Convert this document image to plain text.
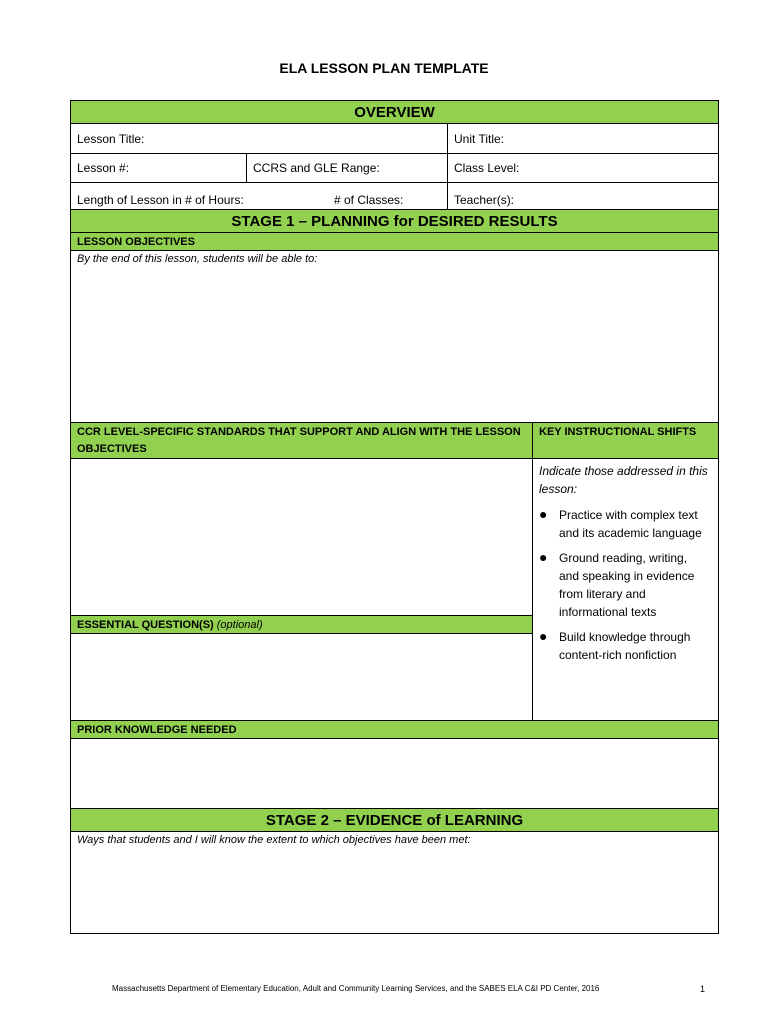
ELA LESSON PLAN TEMPLATE
OVERVIEW
Lesson Title:	Unit Title:
Lesson #:	CCRS and GLE Range:	Class Level:
Length of Lesson in # of Hours:	# of Classes:	Teacher(s):
STAGE 1 – PLANNING for DESIRED RESULTS
LESSON OBJECTIVES
By the end of this lesson, students will be able to:
CCR LEVEL-SPECIFIC STANDARDS THAT SUPPORT AND ALIGN WITH THE LESSON OBJECTIVES
KEY INSTRUCTIONAL SHIFTS
Indicate those addressed in this lesson:
● Practice with complex text and its academic language
● Ground reading, writing, and speaking in evidence from literary and informational texts
● Build knowledge through content-rich nonfiction
ESSENTIAL QUESTION(S) (optional)
PRIOR KNOWLEDGE NEEDED
STAGE 2 – EVIDENCE of LEARNING
Ways that students and I will know the extent to which objectives have been met:
Massachusetts Department of Elementary Education, Adult and Community Learning Services, and the SABES ELA C&I PD Center, 2016	1
